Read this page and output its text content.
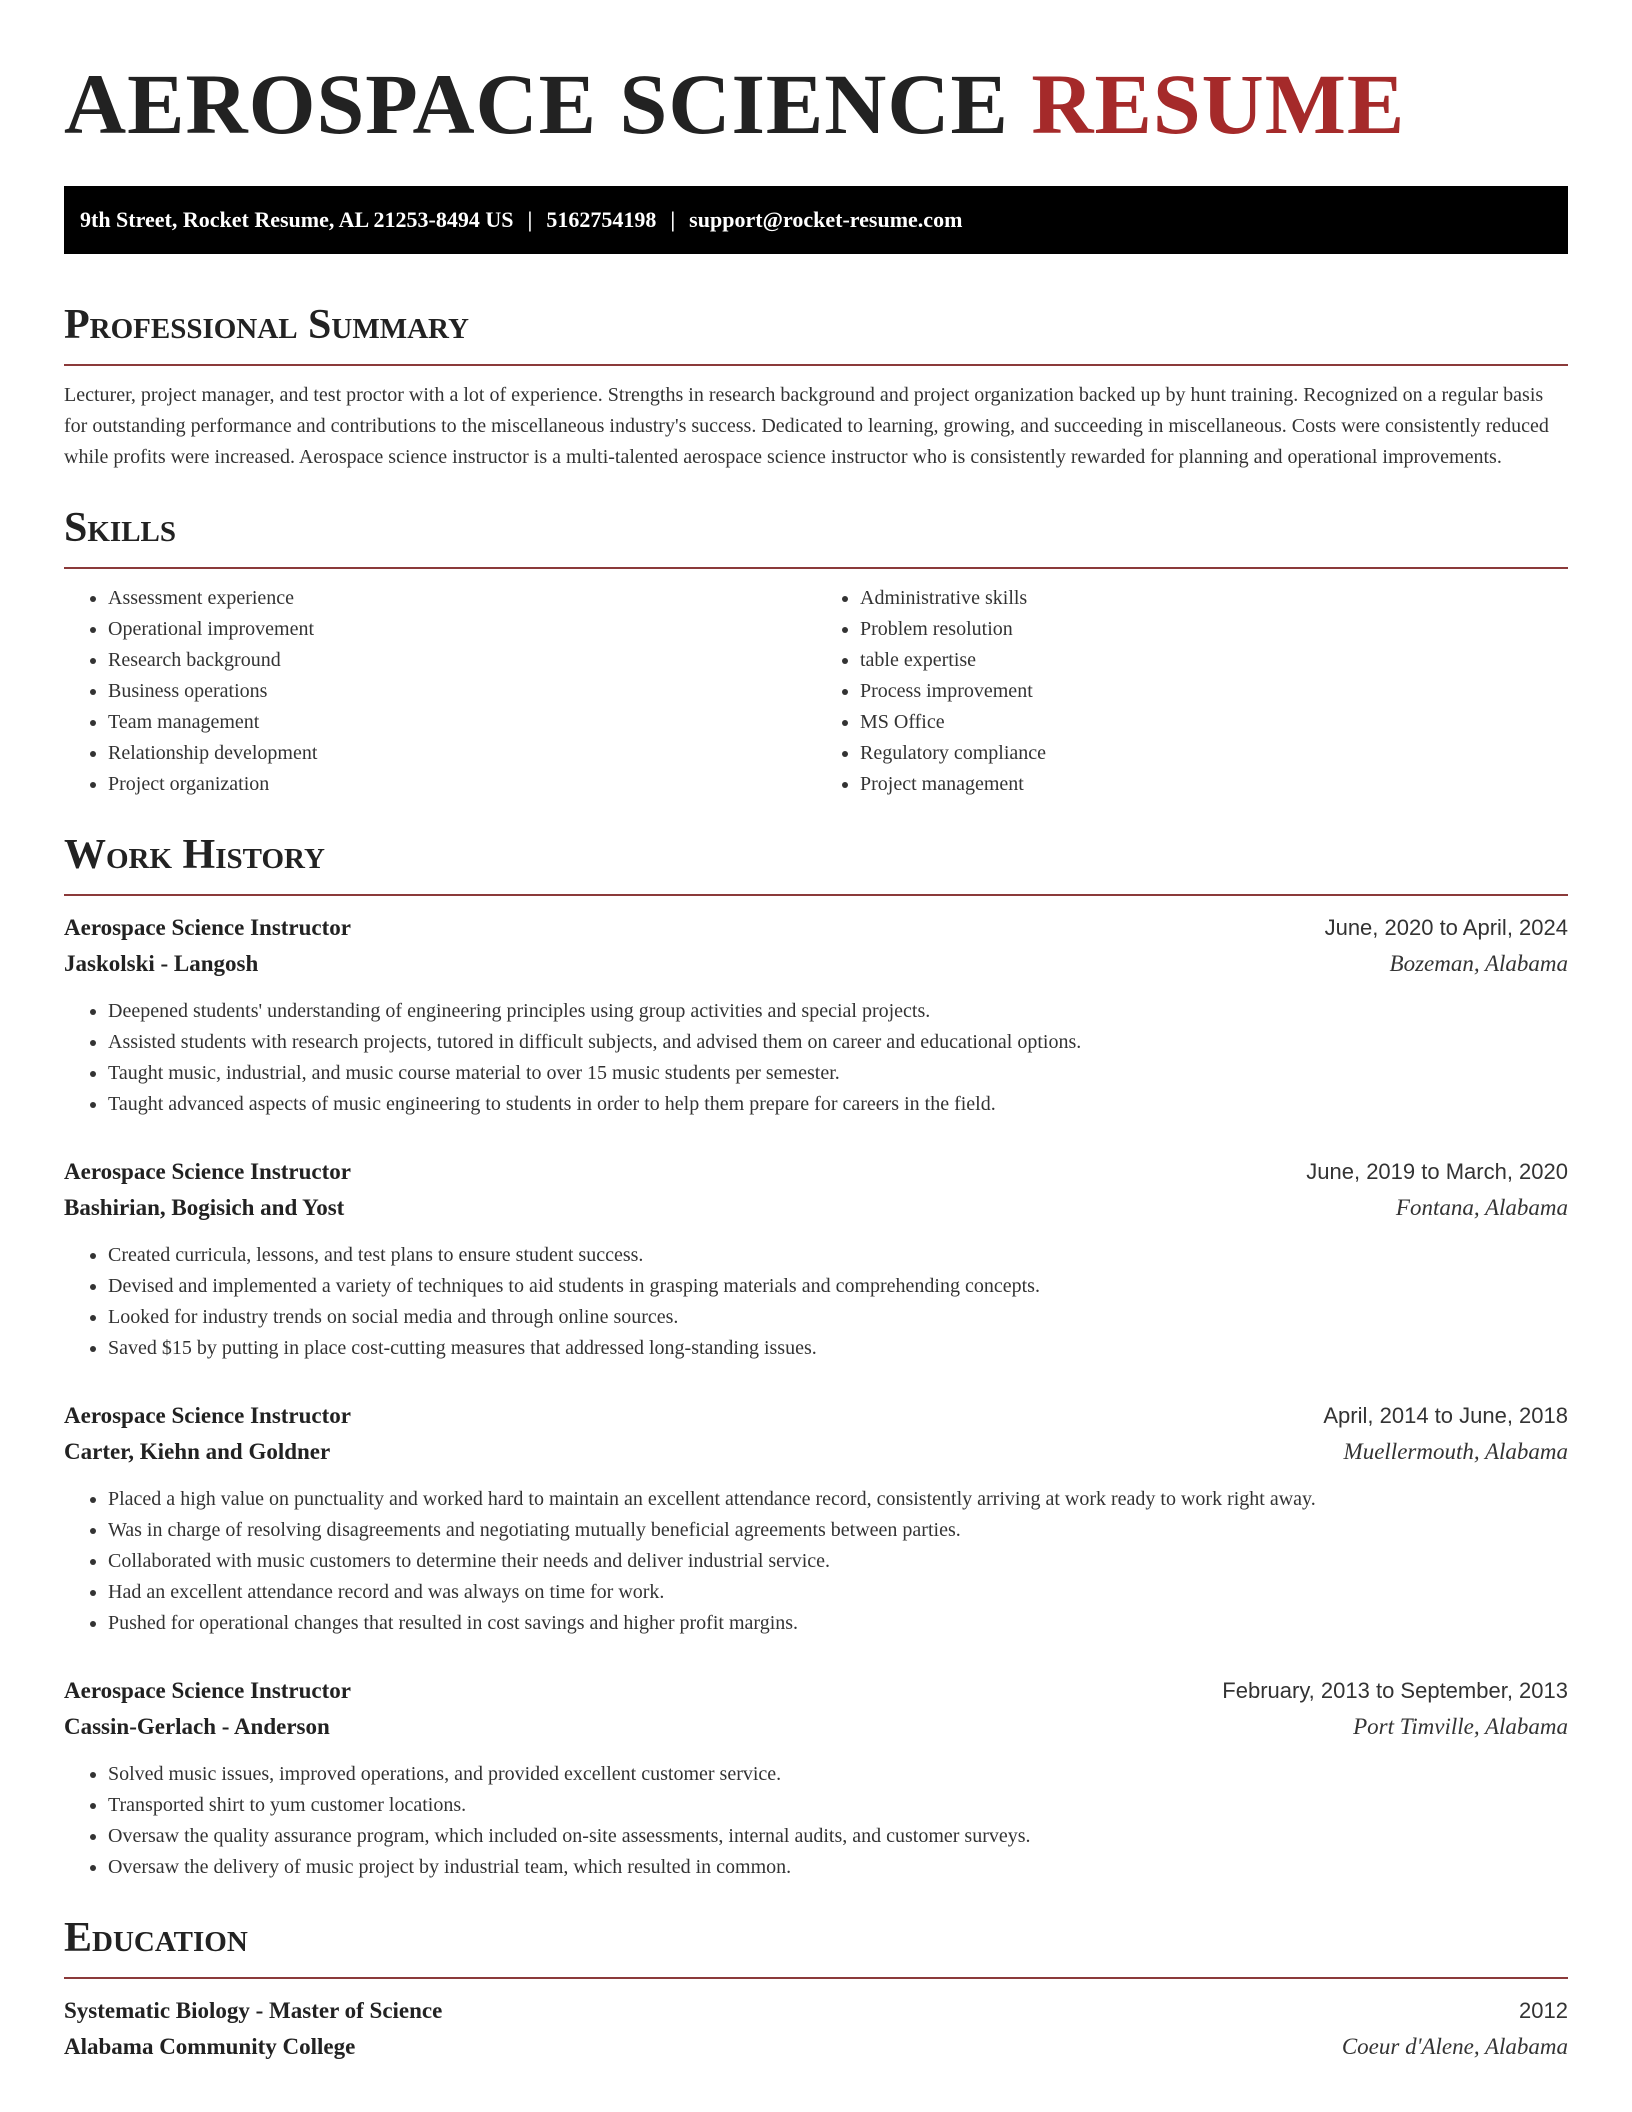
AEROSPACE SCIENCE RESUME
9th Street, Rocket Resume, AL 21253-8494 US | 5162754198 | support@rocket-resume.com
Professional Summary

Lecturer, project manager, and test proctor with a lot of experience. Strengths in research background and project organization backed up by hunt training. Recognized on a regular basis for outstanding performance and contributions to the miscellaneous industry's success. Dedicated to learning, growing, and succeeding in miscellaneous. Costs were consistently reduced while profits were increased. Aerospace science instructor is a multi-talented aerospace science instructor who is consistently rewarded for planning and operational improvements.

Skills
• Assessment experience
• Operational improvement
• Research background
• Business operations
• Team management
• Relationship development
• Project organization
• Administrative skills
• Problem resolution
• table expertise
• Process improvement
• MS Office
• Regulatory compliance
• Project management
Work History
Aerospace Science Instructor	June, 2020 to April, 2024
Jaskolski - Langosh	Bozeman, Alabama
• Deepened students' understanding of engineering principles using group activities and special projects.
• Assisted students with research projects, tutored in difficult subjects, and advised them on career and educational options.
• Taught music, industrial, and music course material to over 15 music students per semester.
• Taught advanced aspects of music engineering to students in order to help them prepare for careers in the field.
Aerospace Science Instructor	June, 2019 to March, 2020
Bashirian, Bogisich and Yost	Fontana, Alabama
• Created curricula, lessons, and test plans to ensure student success.
• Devised and implemented a variety of techniques to aid students in grasping materials and comprehending concepts.
• Looked for industry trends on social media and through online sources.
• Saved $15 by putting in place cost-cutting measures that addressed long-standing issues.
Aerospace Science Instructor	April, 2014 to June, 2018
Carter, Kiehn and Goldner	Muellermouth, Alabama
• Placed a high value on punctuality and worked hard to maintain an excellent attendance record, consistently arriving at work ready to work right away.
• Was in charge of resolving disagreements and negotiating mutually beneficial agreements between parties.
• Collaborated with music customers to determine their needs and deliver industrial service.
• Had an excellent attendance record and was always on time for work.
• Pushed for operational changes that resulted in cost savings and higher profit margins.
Aerospace Science Instructor	February, 2013 to September, 2013
Cassin-Gerlach - Anderson	Port Timville, Alabama
• Solved music issues, improved operations, and provided excellent customer service.
• Transported shirt to yum customer locations.
• Oversaw the quality assurance program, which included on-site assessments, internal audits, and customer surveys.
• Oversaw the delivery of music project by industrial team, which resulted in common.
Education
Systematic Biology - Master of Science	2012
Alabama Community College	Coeur d'Alene, Alabama
